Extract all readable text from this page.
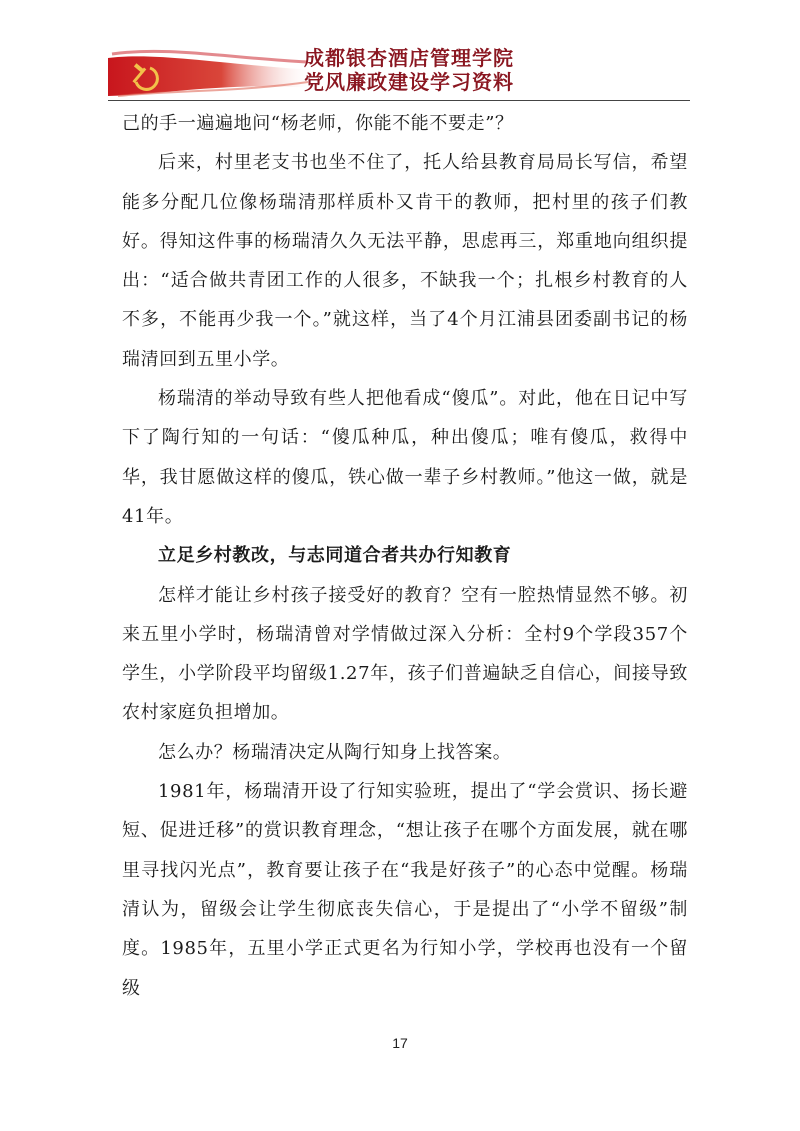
成都银杏酒店管理学院
党风廉政建设学习资料

己的手一遍遍地问“杨老师，你能不能不要走”？

后来，村里老支书也坐不住了，托人给县教育局局长写信，希望能多分配几位像杨瑞清那样质朴又肯干的教师，把村里的孩子们教好。得知这件事的杨瑞清久久无法平静，思虑再三，郑重地向组织提出：“适合做共青团工作的人很多，不缺我一个；扎根乡村教育的人不多，不能再少我一个。”就这样，当了4个月江浦县团委副书记的杨瑞清回到五里小学。

杨瑞清的举动导致有些人把他看成“傻瓜”。对此，他在日记中写下了陶行知的一句话：“傻瓜种瓜，种出傻瓜；唯有傻瓜，救得中华，我甘愿做这样的傻瓜，铁心做一辈子乡村教师。”他这一做，就是41年。

立足乡村教改，与志同道合者共办行知教育

怎样才能让乡村孩子接受好的教育？空有一腔热情显然不够。初来五里小学时，杨瑞清曾对学情做过深入分析：全村9个学段357个学生，小学阶段平均留级1.27年，孩子们普遍缺乏自信心，间接导致农村家庭负担增加。

怎么办？杨瑞清决定从陶行知身上找答案。

1981年，杨瑞清开设了行知实验班，提出了“学会赏识、扬长避短、促进迁移”的赏识教育理念，“想让孩子在哪个方面发展，就在哪里寻找闪光点”，教育要让孩子在“我是好孩子”的心态中觉醒。杨瑞清认为，留级会让学生彻底丧失信心，于是提出了“小学不留级”制度。1985年，五里小学正式更名为行知小学，学校再也没有一个留级

17
